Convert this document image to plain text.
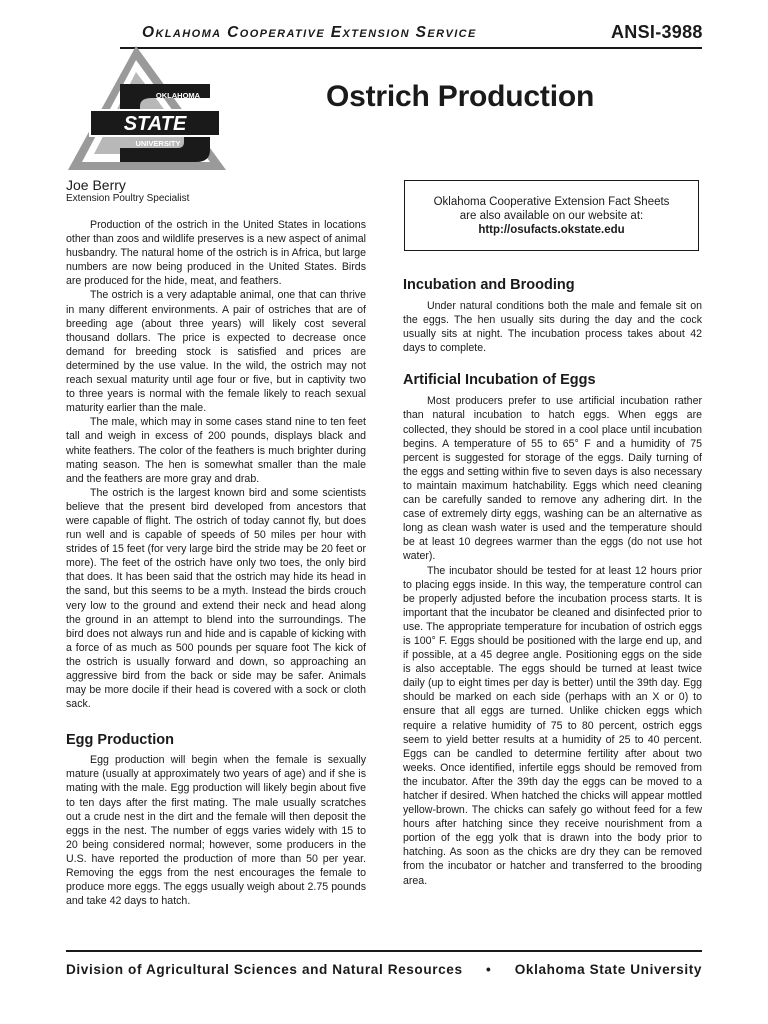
Oklahoma Cooperative Extension Service	ANSI-3988
OKLAHOMA
STATE
UNIVERSITY
Ostrich Production
Joe Berry
Extension Poultry Specialist

Production of the ostrich in the United States in locations other than zoos and wildlife preserves is a new aspect of animal husbandry. The natural home of the ostrich is in Africa, but large numbers are now being produced in the United States. Birds are produced for the hide, meat, and feathers.

The ostrich is a very adaptable animal, one that can thrive in many different environments. A pair of ostriches that are of breeding age (about three years) will likely cost several thousand dollars. The price is expected to decrease once demand for breeding stock is satisfied and prices are determined by the use value. In the wild, the ostrich may not reach sexual maturity until age four or five, but in captivity two to three years is normal with the female likely to reach sexual maturity earlier than the male.

The male, which may in some cases stand nine to ten feet tall and weigh in excess of 200 pounds, displays black and white feathers. The color of the feathers is much brighter during mating season. The hen is somewhat smaller than the male and the feathers are more gray and drab.

The ostrich is the largest known bird and some scientists believe that the present bird developed from ancestors that were capable of flight. The ostrich of today cannot fly, but does run well and is capable of speeds of 50 miles per hour with strides of 15 feet (for very large bird the stride may be 20 feet or more). The feet of the ostrich have only two toes, the only bird that does. It has been said that the ostrich may hide its head in the sand, but this seems to be a myth. Instead the birds crouch very low to the ground and extend their neck and head along the ground in an attempt to blend into the surroundings. The bird does not always run and hide and is capable of kicking with a force of as much as 500 pounds per square foot The kick of the ostrich is usually forward and down, so approaching an aggressive bird from the back or side may be safer. Animals may be more docile if their head is covered with a sock or cloth sack.

Egg Production

Egg production will begin when the female is sexually mature (usually at approximately two years of age) and if she is mating with the male. Egg production will likely begin about five to ten days after the first mating. The male usually scratches out a crude nest in the dirt and the female will then deposit the eggs in the nest. The number of eggs varies widely with 15 to 20 being considered normal; however, some producers in the U.S. have reported the production of more than 50 per year. Removing the eggs from the nest encourages the female to produce more eggs. The eggs usually weigh about 2.75 pounds and take 42 days to hatch.

Oklahoma Cooperative Extension Fact Sheets
are also available on our website at:
http://osufacts.okstate.edu
Incubation and Brooding

Under natural conditions both the male and female sit on the eggs. The hen usually sits during the day and the cock usually sits at night. The incubation process takes about 42 days to complete.

Artificial Incubation of Eggs

Most producers prefer to use artificial incubation rather than natural incubation to hatch eggs. When eggs are collected, they should be stored in a cool place until incubation begins. A temperature of 55 to 65° F and a humidity of 75 percent is suggested for storage of the eggs. Daily turning of the eggs and setting within five to seven days is also necessary to maintain maximum hatchability. Eggs which need cleaning can be carefully sanded to remove any adhering dirt. In the case of extremely dirty eggs, washing can be an alternative as long as clean wash water is used and the temperature should be at least 10 degrees warmer than the eggs (do not use hot water).

The incubator should be tested for at least 12 hours prior to placing eggs inside. In this way, the temperature control can be properly adjusted before the incubation process starts. It is important that the incubator be cleaned and disinfected prior to use. The appropriate temperature for incubation of ostrich eggs is 100° F. Eggs should be positioned with the large end up, and if possible, at a 45 degree angle. Positioning eggs on the side is also acceptable. The eggs should be turned at least twice daily (up to eight times per day is better) until the 39th day. Egg should be marked on each side (perhaps with an X or 0) to ensure that all eggs are turned. Unlike chicken eggs which require a relative humidity of 75 to 80 percent, ostrich eggs seem to yield better results at a humidity of 25 to 40 percent. Eggs can be candled to determine fertility after about two weeks. Once identified, infertile eggs should be removed from the incubator. After the 39th day the eggs can be moved to a hatcher if desired. When hatched the chicks will appear mottled yellow-brown. The chicks can safely go without feed for a few hours after hatching since they receive nourishment from a portion of the egg yolk that is drawn into the body prior to hatching. As soon as the chicks are dry they can be removed from the incubator or hatcher and transferred to the brooding area.

Division of Agricultural Sciences and Natural Resources • Oklahoma State University
